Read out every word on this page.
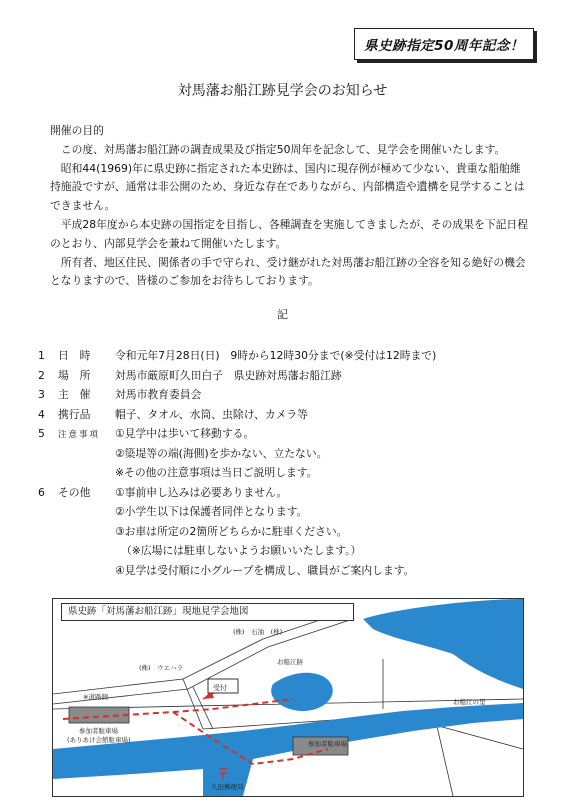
県史跡指定50周年記念！
対馬藩お船江跡見学会のお知らせ
開催の目的

この度、対馬藩お船江跡の調査成果及び指定50周年を記念して、見学会を開催いたします。

昭和44(1969)年に県史跡に指定された本史跡は、国内に現存例が極めて少ない、貴重な船舶維持施設ですが、通常は非公開のため、身近な存在でありながら、内部構造や遺構を見学することはできません。

平成28年度から本史跡の国指定を目指し、各種調査を実施してきましたが、その成果を下記日程のとおり、内部見学会を兼ねて開催いたします。

所有者、地区住民、関係者の手で守られ、受け継がれた対馬藩お船江跡の全容を知る絶好の機会となりますので、皆様のご参加をお待ちしております。

記
1	日　時	令和元年7月28日(日)　9時から12時30分まで(※受付は12時まで)
2	場　所	対馬市厳原町久田白子　県史跡対馬藩お船江跡
3	主　催	対馬市教育委員会
4	携行品	帽子、タオル、水筒、虫除け、カメラ等
5	注意事項	①見学中は歩いて移動する。
②簗堤等の端(海側)を歩かない、立たない。
※その他の注意事項は当日ご説明します。
6	その他	①事前申し込みは必要ありません。
②小学生以下は保護者同伴となります。
③お車は所定の2箇所どちらかに駐車ください。
（※広場には駐車しないようお願いいたします。）
④見学は受付順に小グループを構成し、職員がご案内します。
県史跡「対馬藩お船江跡」現地見学会地図
(株)　石油　(株)
(株)　ウエハラ
お船江跡
※道路側
受付
参加者駐車場
(ありあけ会館駐車場)	参加者駐車場
久田郵便局
お船江の里
